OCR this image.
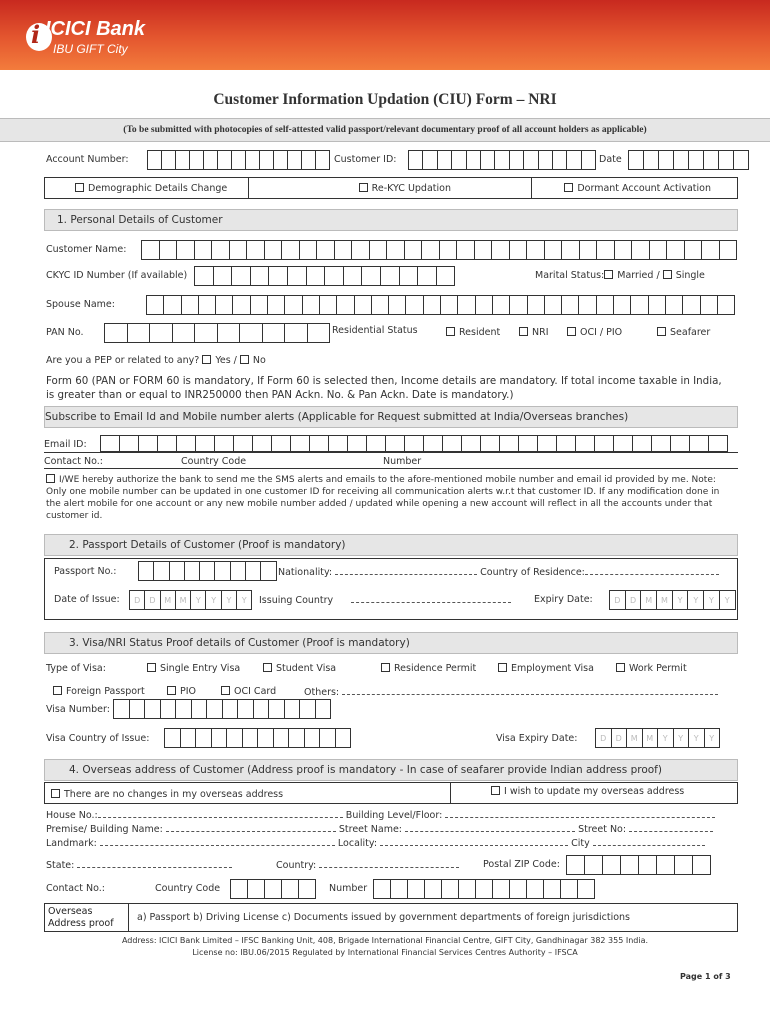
i ICICI Bank
IBU GIFT City
Customer Information Updation (CIU) Form – NRI
(To be submitted with photocopies of self-attested valid passport/relevant documentary proof of all account holders as applicable)
Account Number:	Customer ID:	Date
Demographic Details Change	Re-KYC Updation	Dormant Account Activation
1. Personal Details of Customer
Customer Name:
CKYC ID Number (If available)	Marital Status: Married / Single
Spouse Name:
PAN No.	Residential Status	Resident	NRI	OCI / PIO	Seafarer
Are you a PEP or related to any? Yes / No
Form 60 (PAN or FORM 60 is mandatory, If Form 60 is selected then, Income details are mandatory. If total income taxable in India, is greater than or equal to INR250000 then PAN Ackn. No. & Pan Ackn. Date is mandatory.)
Subscribe to Email Id and Mobile number alerts (Applicable for Request submitted at India/Overseas branches)
Email ID:
Contact No.:	Country Code	Number
I/WE hereby authorize the bank to send me the SMS alerts and emails to the afore-mentioned mobile number and email id provided by me. Note: Only one mobile number can be updated in one customer ID for receiving all communication alerts w.r.t that customer ID. If any modification done in the alert mobile for one account or any new mobile number added / updated while opening a new account will reflect in all the accounts under that customer id.
2. Passport Details of Customer (Proof is mandatory)
Passport No.:	Nationality:	Country of Residence:
Date of Issue:	D	D	M	M	Y	Y	Y	Y	Issuing Country	Expiry Date:	D	D	M	M	Y	Y	Y	Y
3. Visa/NRI Status Proof details of Customer (Proof is mandatory)
Type of Visa:	Single Entry Visa	Student Visa	Residence Permit	Employment Visa	Work Permit
Foreign Passport	PIO	OCI Card	Others:
Visa Number:
Visa Country of Issue:	Visa Expiry Date:	D	D	M	M	Y	Y	Y	Y
4. Overseas address of Customer (Address proof is mandatory - In case of seafarer provide Indian address proof)
There are no changes in my overseas address	I wish to update my overseas address
House No.:	Building Level/Floor:
Premise/ Building Name:	Street Name:	Street No:
Landmark:	Locality:	City
State:	Country:	Postal ZIP Code:
Contact No.:	Country Code	Number
Overseas Address proof
a) Passport b) Driving License c) Documents issued by government departments of foreign jurisdictions
Address: ICICI Bank Limited – IFSC Banking Unit, 408, Brigade International Financial Centre, GIFT City, Gandhinagar 382 355 India.
License no: IBU.06/2015 Regulated by International Financial Services Centres Authority – IFSCA
Page 1 of 3
